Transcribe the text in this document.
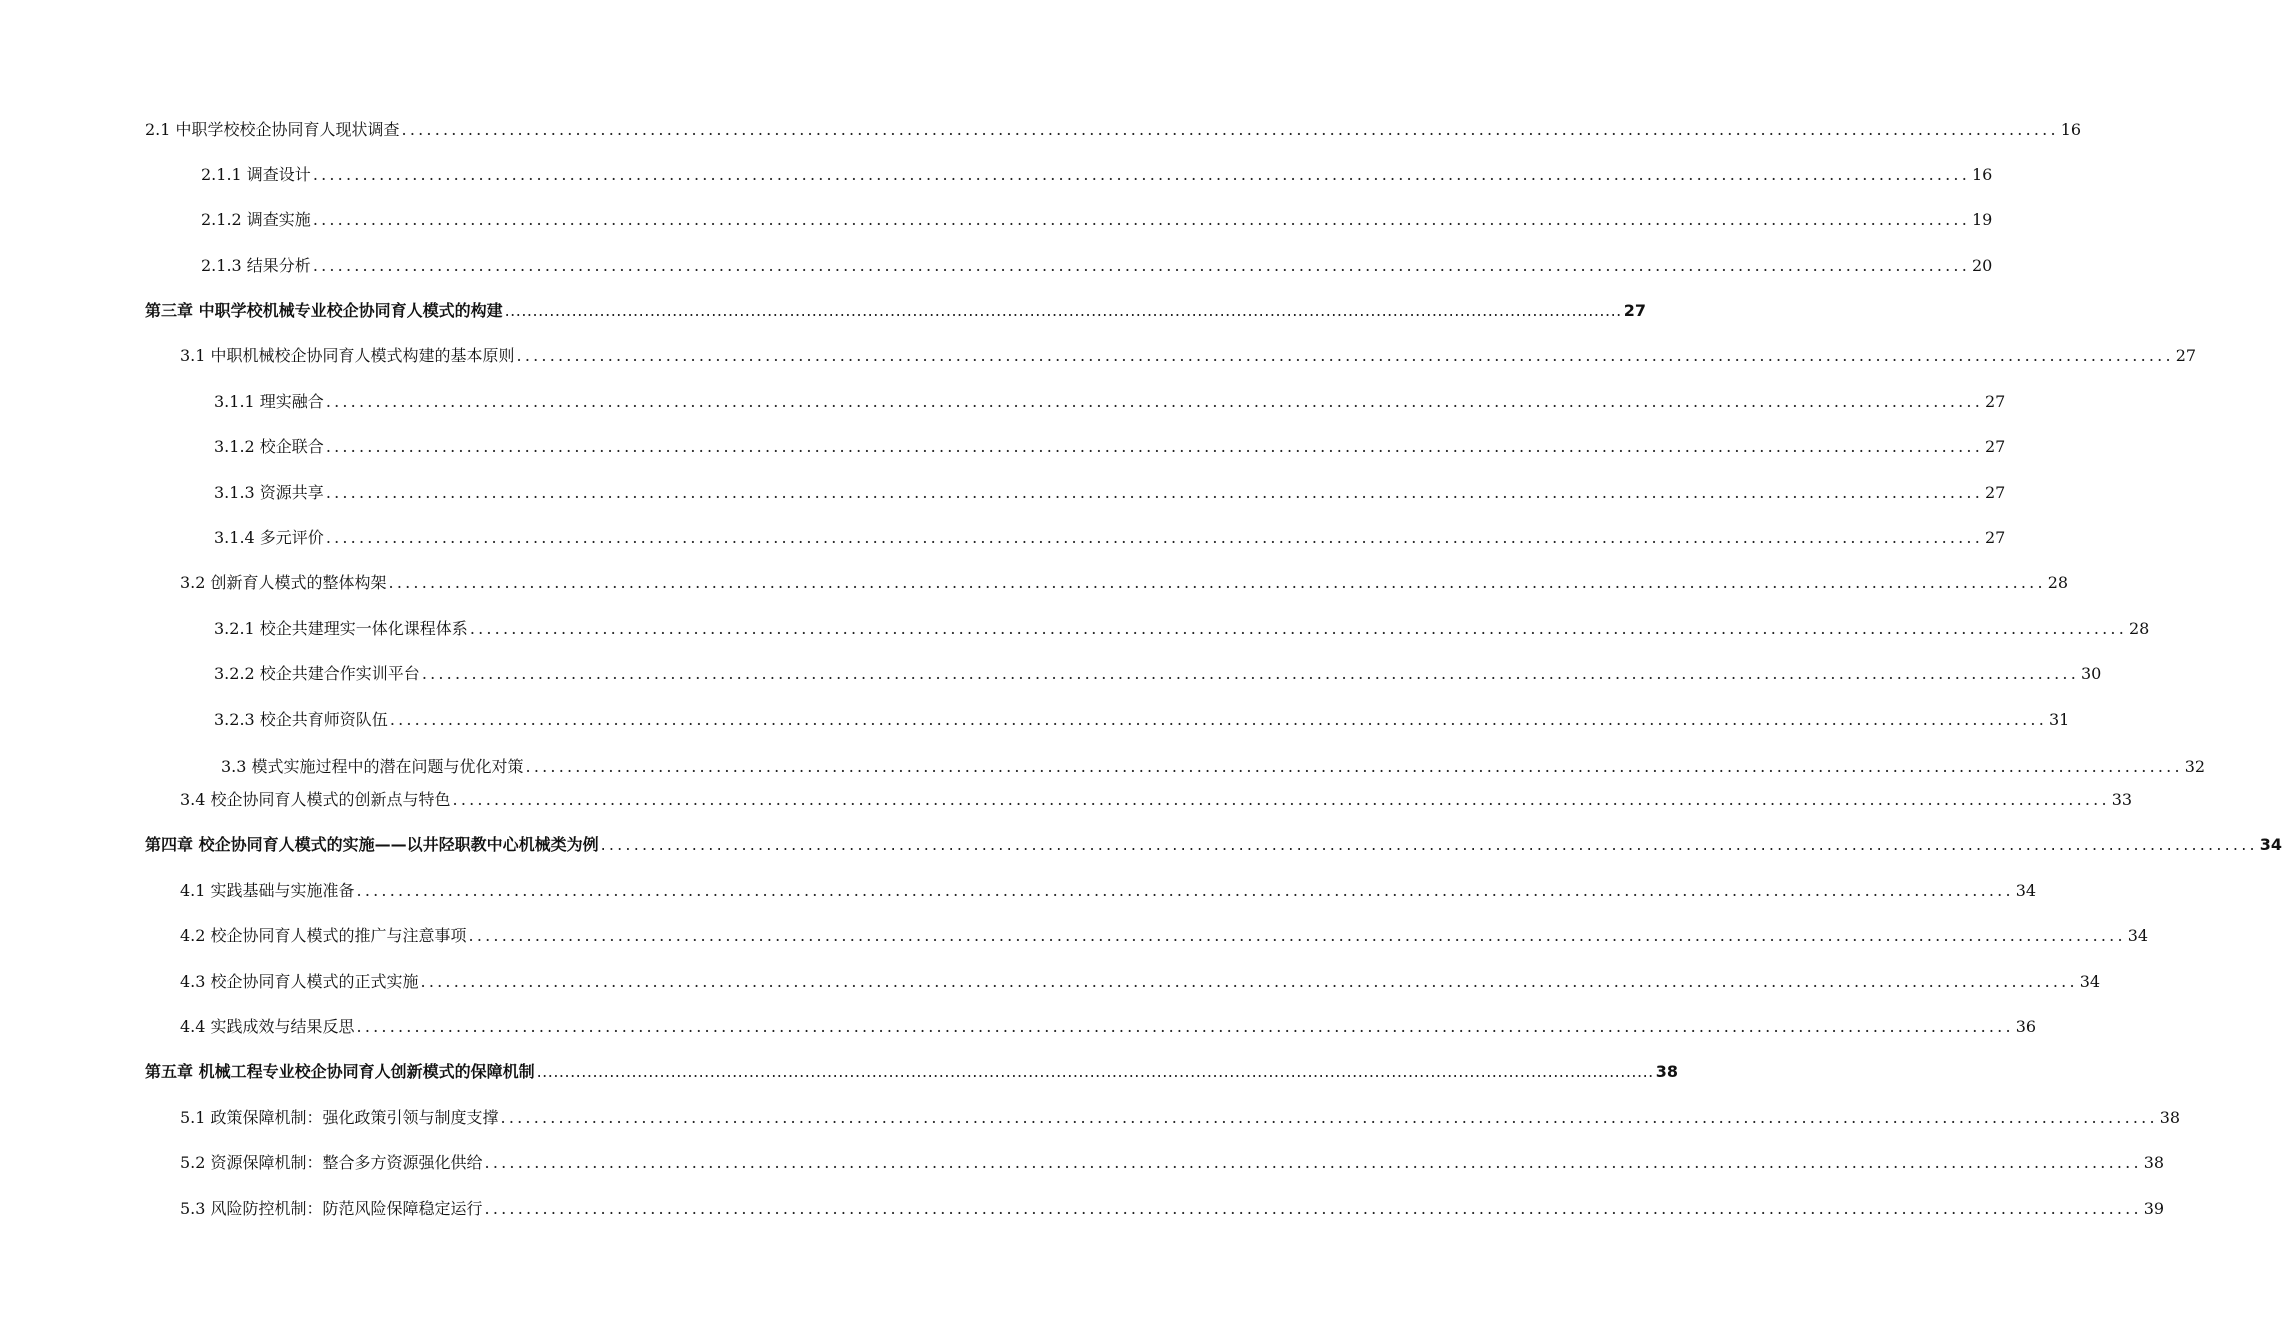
2.1 中职学校校企协同育人现状调查 ........................................................................................................................................................................................................ 16
2.1.1 调查设计 ........................................................................................................................................................................................................ 16
2.1.2 调查实施 ........................................................................................................................................................................................................ 19
2.1.3 结果分析 ........................................................................................................................................................................................................ 20
第三章 中职学校机械专业校企协同育人模式的构建 ........................................................................................................................................................................................................ 27
3.1 中职机械校企协同育人模式构建的基本原则 ........................................................................................................................................................................................................ 27
3.1.1 理实融合 ........................................................................................................................................................................................................ 27
3.1.2 校企联合 ........................................................................................................................................................................................................ 27
3.1.3 资源共享 ........................................................................................................................................................................................................ 27
3.1.4 多元评价 ........................................................................................................................................................................................................ 27
3.2 创新育人模式的整体构架 ........................................................................................................................................................................................................ 28
3.2.1 校企共建理实一体化课程体系 ........................................................................................................................................................................................................ 28
3.2.2 校企共建合作实训平台 ........................................................................................................................................................................................................ 30
3.2.3 校企共育师资队伍 ........................................................................................................................................................................................................ 31
3.3 模式实施过程中的潜在问题与优化对策 ........................................................................................................................................................................................................ 32
3.4 校企协同育人模式的创新点与特色 ........................................................................................................................................................................................................ 33
第四章 校企协同育人模式的实施——以井陉职教中心机械类为例 ........................................................................................................................................................................................................ 34
4.1 实践基础与实施准备 ........................................................................................................................................................................................................ 34
4.2 校企协同育人模式的推广与注意事项 ........................................................................................................................................................................................................ 34
4.3 校企协同育人模式的正式实施 ........................................................................................................................................................................................................ 34
4.4 实践成效与结果反思 ........................................................................................................................................................................................................ 36
第五章 机械工程专业校企协同育人创新模式的保障机制 ........................................................................................................................................................................................................ 38
5.1 政策保障机制：强化政策引领与制度支撑 ........................................................................................................................................................................................................ 38
5.2 资源保障机制：整合多方资源强化供给 ........................................................................................................................................................................................................ 38
5.3 风险防控机制：防范风险保障稳定运行 ........................................................................................................................................................................................................ 39
